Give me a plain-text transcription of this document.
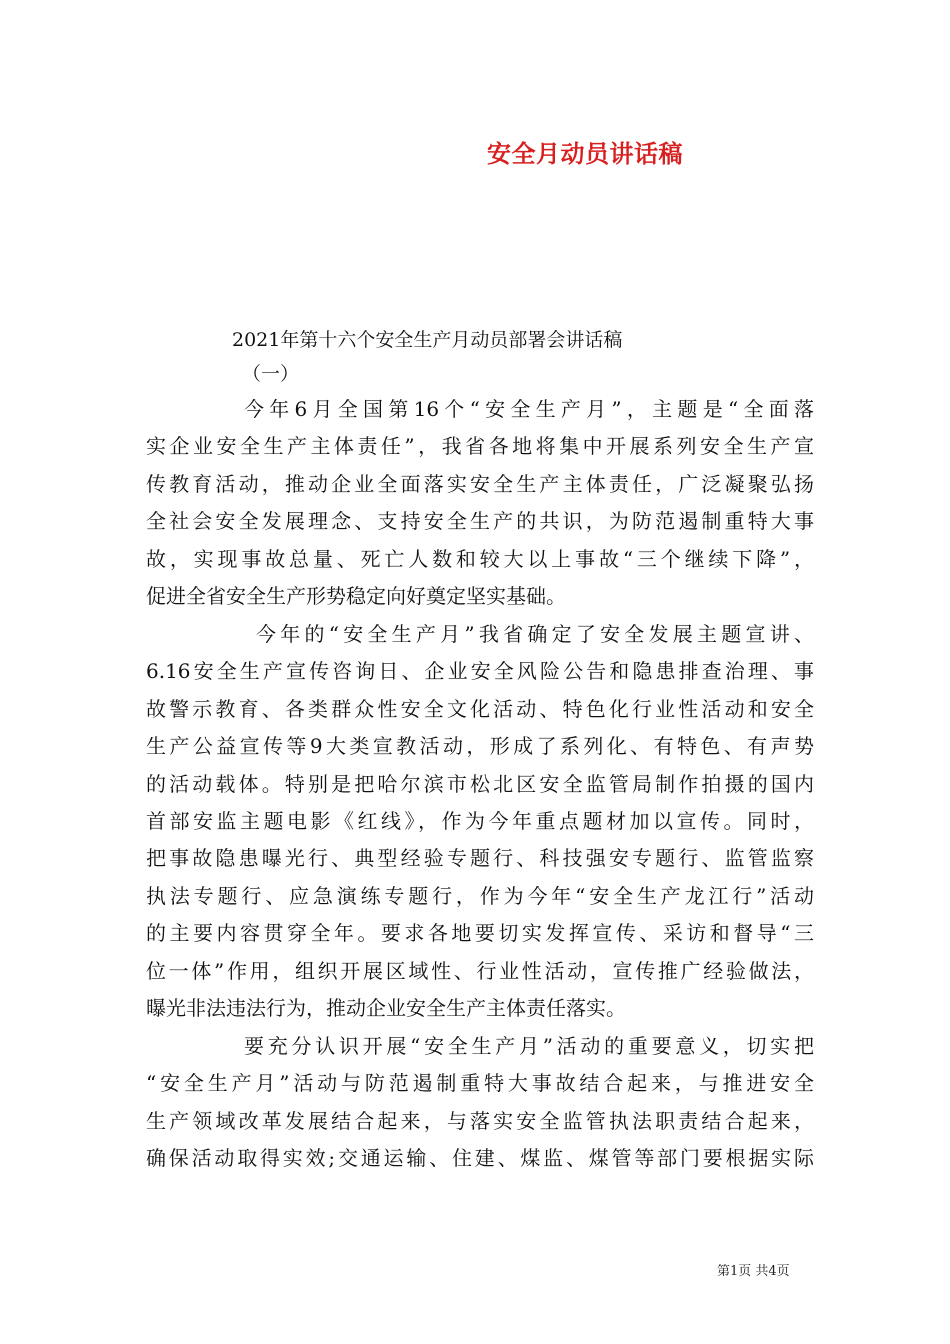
安全月动员讲话稿
2021年第十六个安全生产月动员部署会讲话稿
（一）

今年6月全国第16个“安全生产月”，主题是“全面落
实企业安全生产主体责任”，我省各地将集中开展系列安全生产宣
传教育活动，推动企业全面落实安全生产主体责任，广泛凝聚弘扬
全社会安全发展理念、支持安全生产的共识，为防范遏制重特大事
故，实现事故总量、死亡人数和较大以上事故“三个继续下降”，
促进全省安全生产形势稳定向好奠定坚实基础。

今年的“安全生产月”我省确定了安全发展主题宣讲、
6.16安全生产宣传咨询日、企业安全风险公告和隐患排查治理、事
故警示教育、各类群众性安全文化活动、特色化行业性活动和安全
生产公益宣传等9大类宣教活动，形成了系列化、有特色、有声势
的活动载体。特别是把哈尔滨市松北区安全监管局制作拍摄的国内
首部安监主题电影《红线》，作为今年重点题材加以宣传。同时，
把事故隐患曝光行、典型经验专题行、科技强安专题行、监管监察
执法专题行、应急演练专题行，作为今年“安全生产龙江行”活动
的主要内容贯穿全年。要求各地要切实发挥宣传、采访和督导“三
位一体”作用，组织开展区域性、行业性活动，宣传推广经验做法，
曝光非法违法行为，推动企业安全生产主体责任落实。

要充分认识开展“安全生产月”活动的重要意义，切实把
“安全生产月”活动与防范遏制重特大事故结合起来，与推进安全
生产领域改革发展结合起来，与落实安全监管执法职责结合起来，
确保活动取得实效;交通运输、住建、煤监、煤管等部门要根据实际

第1页 共4页
